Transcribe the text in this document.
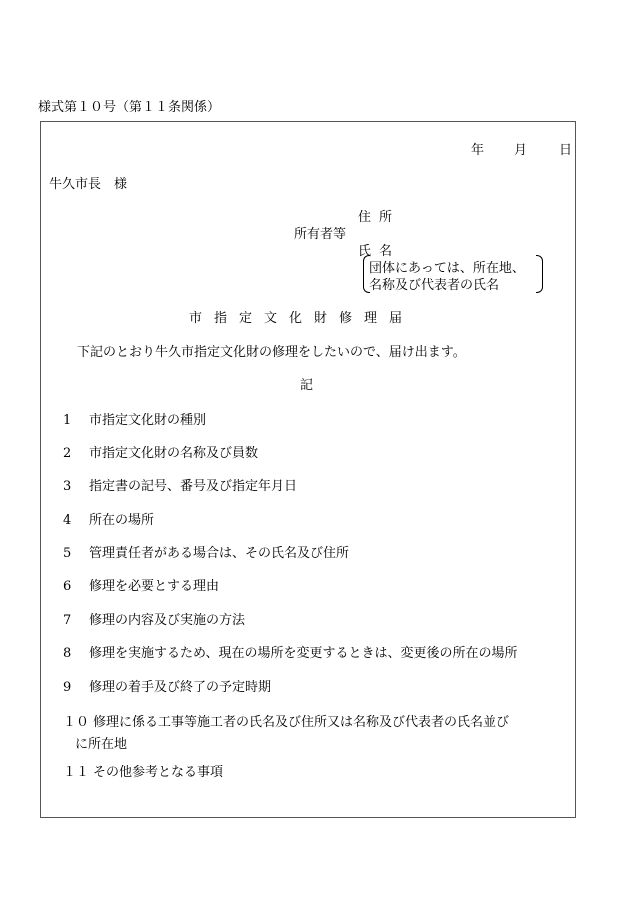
様式第１０号（第１１条関係）
年 月 日
牛久市長　様
住所
所有者等
氏名
団体にあっては、所在地、
名称及び代表者の氏名
市指定文化財修理届
下記のとおり牛久市指定文化財の修理をしたいので、届け出ます。
記
1 市指定文化財の種別
2 市指定文化財の名称及び員数
3 指定書の記号、番号及び指定年月日
4 所在の場所
5 管理責任者がある場合は、その氏名及び住所
6 修理を必要とする理由
7 修理の内容及び実施の方法
8 修理を実施するため、現在の場所を変更するときは、変更後の所在の場所
9 修理の着手及び終了の予定時期
１０ 修理に係る工事等施工者の氏名及び住所又は名称及び代表者の氏名並び
に所在地
１１ その他参考となる事項
